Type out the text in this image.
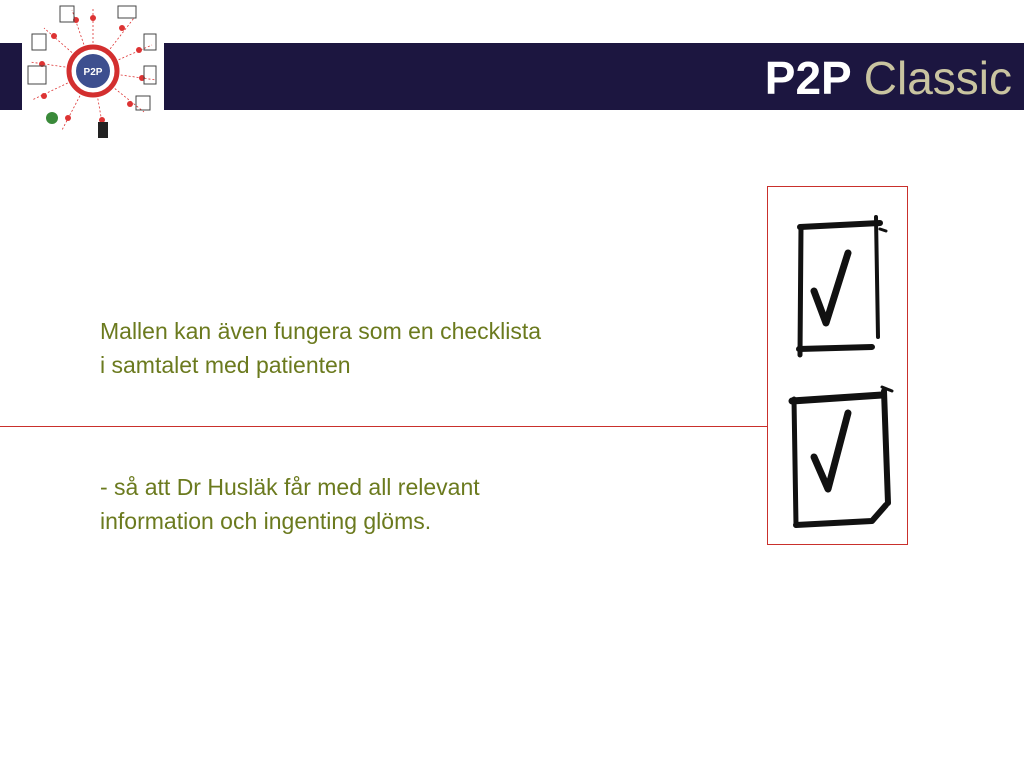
P2P Classic
P2P

Mallen kan även fungera som en checklista
i samtalet med patienten

- så att Dr Husläk får med all relevant
information och ingenting glöms.
